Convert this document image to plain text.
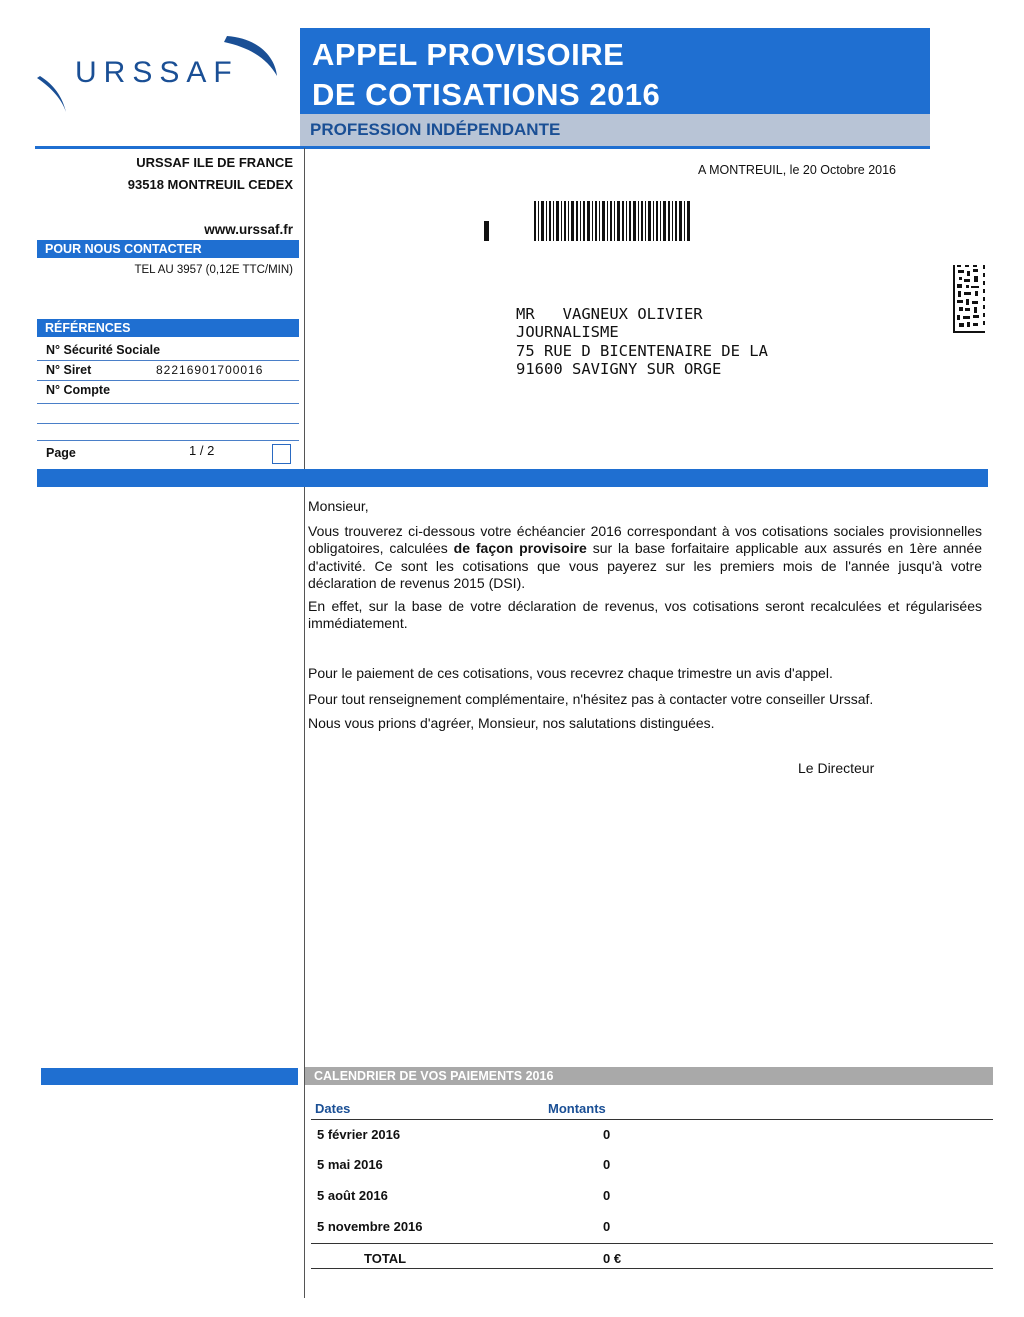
URSSAF
APPEL PROVISOIRE
DE COTISATIONS 2016
PROFESSION INDÉPENDANTE
URSSAF ILE DE FRANCE
93518 MONTREUIL CEDEX
www.urssaf.fr
POUR NOUS CONTACTER
TEL AU 3957 (0,12E TTC/MIN)
RÉFÉRENCES
N° Sécurité Sociale
N° Siret	82216901700016
N° Compte
Page	1 / 2
A MONTREUIL, le 20 Octobre 2016
MR   VAGNEUX OLIVIER
JOURNALISME
75 RUE D BICENTENAIRE DE LA
91600 SAVIGNY SUR ORGE

Monsieur,

Vous trouverez ci-dessous votre échéancier 2016 correspondant à vos cotisations sociales provisionnelles obligatoires, calculées de façon provisoire sur la base forfaitaire applicable aux assurés en 1ère année d'activité. Ce sont les cotisations que vous payerez sur les premiers mois de l'année jusqu'à votre déclaration de revenus 2015 (DSI).

En effet, sur la base de votre déclaration de revenus, vos cotisations seront recalculées et régularisées immédiatement.

Pour le paiement de ces cotisations, vous recevrez chaque trimestre un avis d'appel.

Pour tout renseignement complémentaire, n'hésitez pas à contacter votre conseiller Urssaf.

Nous vous prions d'agréer, Monsieur, nos salutations distinguées.

Le Directeur
CALENDRIER DE VOS PAIEMENTS 2016
Dates	Montants
5 février 2016	0
5 mai 2016	0
5 août 2016	0
5 novembre 2016	0
TOTAL	0 €
